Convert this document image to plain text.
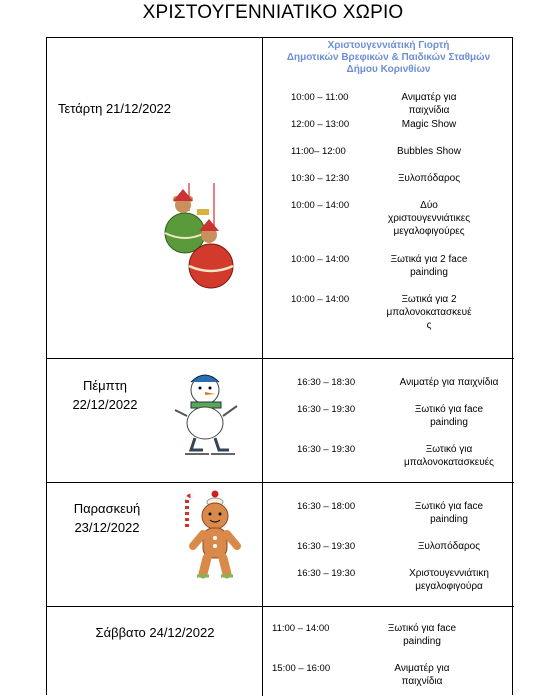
ΧΡΙΣΤΟΥΓΕΝΝΙΑΤΙΚΟ ΧΩΡΙΟ
Χριστουγεννιάτική Γιορτή
Δημοτικών Βρεφικών & Παιδικών Σταθμών
Δήμου Κορινθίων
Τετάρτη 21/12/2022
10:00 – 11:00	Ανιματέρ για
παιχνίδια
12:00 – 13:00	Magic Show
11:00– 12:00	Bubbles Show
10:30 – 12:30	Ξυλοπόδαρος
10:00 – 14:00	Δύο
χριστουγεννιάτικες
μεγαλοφιγούρες
10:00 – 14:00	Ξωτικά για 2 face
painding
10:00 – 14:00	Ξωτικά για 2
μπαλονοκατασκευέ
ς
Πέμπτη
22/12/2022
16:30 – 18:30	Ανιματέρ για παιχνίδια
16:30 – 19:30	Ξωτικό για face
painding
16:30 – 19:30	Ξωτικό για
μπαλονοκατασκευές
Παρασκευή
23/12/2022
16:30 – 18:00	Ξωτικό για face
painding
16:30 – 19:30	Ξυλοπόδαρος
16:30 – 19:30	Χριστουγεννιάτικη
μεγαλοφιγούρα
Σάββατο 24/12/2022	11:00 – 14:00	Ξωτικό για face
painding
15:00 – 16:00	Ανιματέρ για
παιχνίδια
